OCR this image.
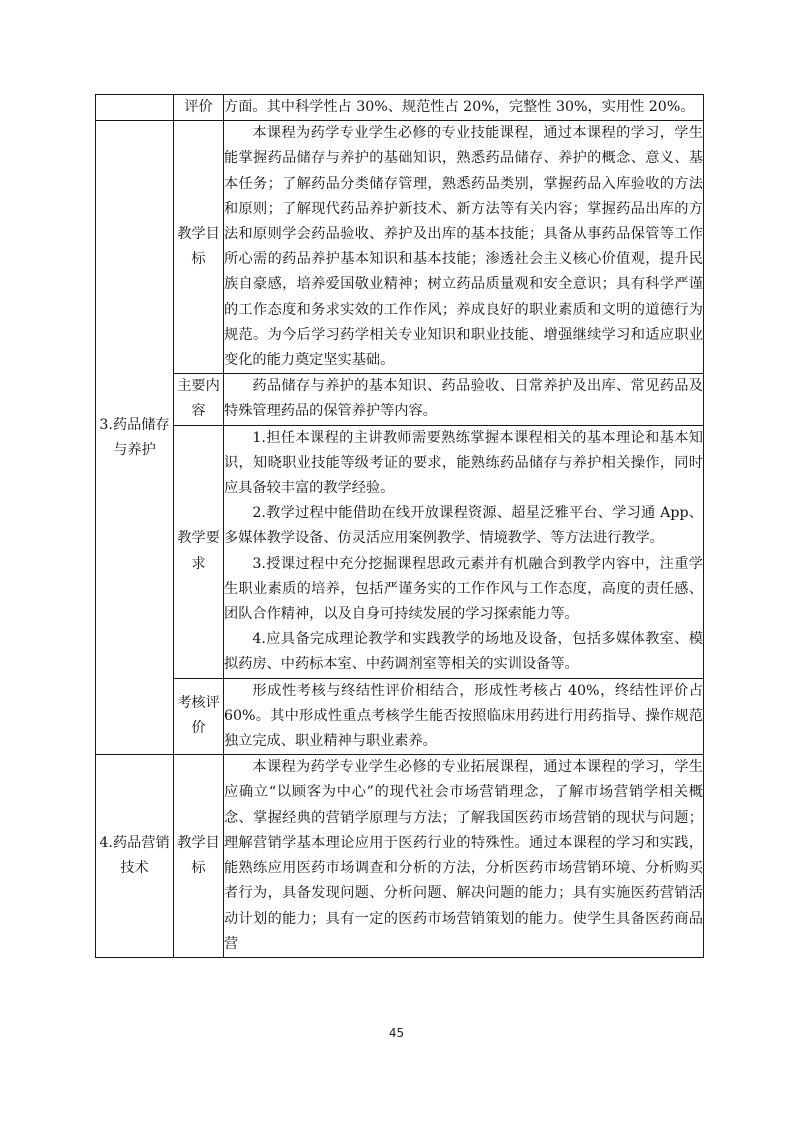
	评价	方面。其中科学性占 30%、规范性占 20%，完整性 30%，实用性 20%。

3.药品储存与养护	教学目标	本课程为药学专业学生必修的专业技能课程，通过本课程的学习，学生能掌握药品储存与养护的基础知识，熟悉药品储存、养护的概念、意义、基本任务；了解药品分类储存管理，熟悉药品类别，掌握药品入库验收的方法和原则；了解现代药品养护新技术、新方法等有关内容；掌握药品出库的方法和原则学会药品验收、养护及出库的基本技能；具备从事药品保管等工作所心需的药品养护基本知识和基本技能；渗透社会主义核心价值观，提升民族自豪感，培养爱国敬业精神；树立药品质量观和安全意识；具有科学严谨的工作态度和务求实效的工作作风；养成良好的职业素质和文明的道德行为规范。为今后学习药学相关专业知识和职业技能、增强继续学习和适应职业变化的能力奠定坚实基础。

	主要内容	药品储存与养护的基本知识、药品验收、日常养护及出库、常见药品及特殊管理药品的保管养护等内容。

	教学要求	1.担任本课程的主讲教师需要熟练掌握本课程相关的基本理论和基本知识，知晓职业技能等级考证的要求，能熟练药品储存与养护相关操作，同时应具备较丰富的教学经验。

2.教学过程中能借助在线开放课程资源、超星泛雅平台、学习通 App、多媒体教学设备、仿灵活应用案例教学、情境教学、等方法进行教学。

3.授课过程中充分挖掘课程思政元素并有机融合到教学内容中，注重学生职业素质的培养，包括严谨务实的工作作风与工作态度，高度的责任感、团队合作精神，以及自身可持续发展的学习探索能力等。

4.应具备完成理论教学和实践教学的场地及设备，包括多媒体教室、模拟药房、中药标本室、中药调剂室等相关的实训设备等。

	考核评价	形成性考核与终结性评价相结合，形成性考核占 40%，终结性评价占 60%。其中形成性重点考核学生能否按照临床用药进行用药指导、操作规范独立完成、职业精神与职业素养。

4.药品营销技术	教学目标	本课程为药学专业学生必修的专业拓展课程，通过本课程的学习，学生应确立“以顾客为中心”的现代社会市场营销理念，了解市场营销学相关概念、掌握经典的营销学原理与方法；了解我国医药市场营销的现状与问题；理解营销学基本理论应用于医药行业的特殊性。通过本课程的学习和实践，能熟练应用医药市场调查和分析的方法，分析医药市场营销环境、分析购买者行为，具备发现问题、分析问题、解决问题的能力；具有实施医药营销活动计划的能力；具有一定的医药市场营销策划的能力。使学生具备医药商品营

45
